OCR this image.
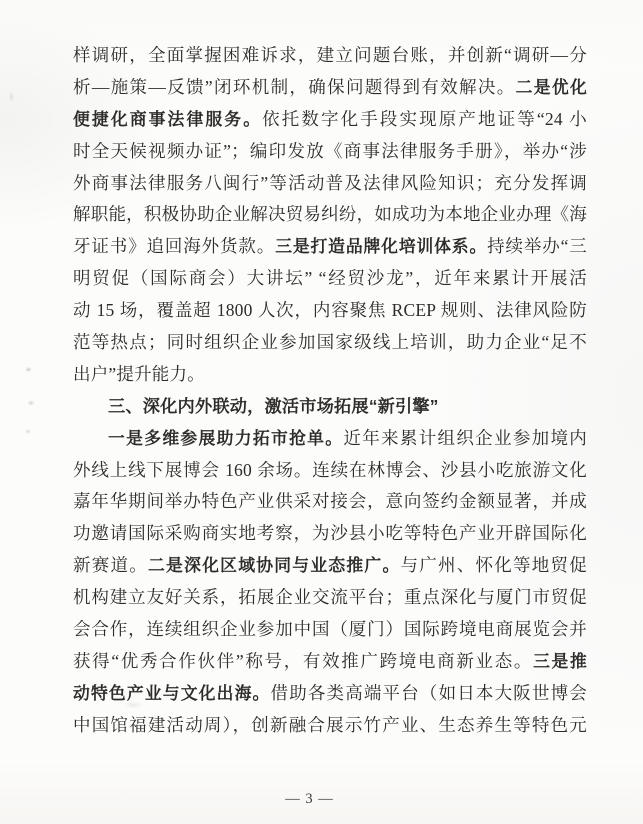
样调研，全面掌握困难诉求，建立问题台账，并创新“调研—分
析—施策—反馈”闭环机制，确保问题得到有效解决。二是优化
便捷化商事法律服务。依托数字化手段实现原产地证等“24 小
时全天候视频办证”；编印发放《商事法律服务手册》，举办“涉
外商事法律服务八闽行”等活动普及法律风险知识；充分发挥调
解职能，积极协助企业解决贸易纠纷，如成功为本地企业办理《海
牙证书》追回海外货款。三是打造品牌化培训体系。持续举办“三
明贸促（国际商会）大讲坛” “经贸沙龙”，近年来累计开展活
动 15 场，覆盖超 1800 人次，内容聚焦 RCEP 规则、法律风险防
范等热点；同时组织企业参加国家级线上培训，助力企业“足不
出户”提升能力。
三、深化内外联动，激活市场拓展“新引擎”
一是多维参展助力拓市抢单。近年来累计组织企业参加境内
外线上线下展博会 160 余场。连续在林博会、沙县小吃旅游文化
嘉年华期间举办特色产业供采对接会，意向签约金额显著，并成
功邀请国际采购商实地考察，为沙县小吃等特色产业开辟国际化
新赛道。二是深化区域协同与业态推广。与广州、怀化等地贸促
机构建立友好关系，拓展企业交流平台；重点深化与厦门市贸促
会合作，连续组织企业参加中国（厦门）国际跨境电商展览会并
获得“优秀合作伙伴”称号，有效推广跨境电商新业态。三是推
动特色产业与文化出海。借助各类高端平台（如日本大阪世博会
中国馆福建活动周），创新融合展示竹产业、生态养生等特色元
— 3 —
